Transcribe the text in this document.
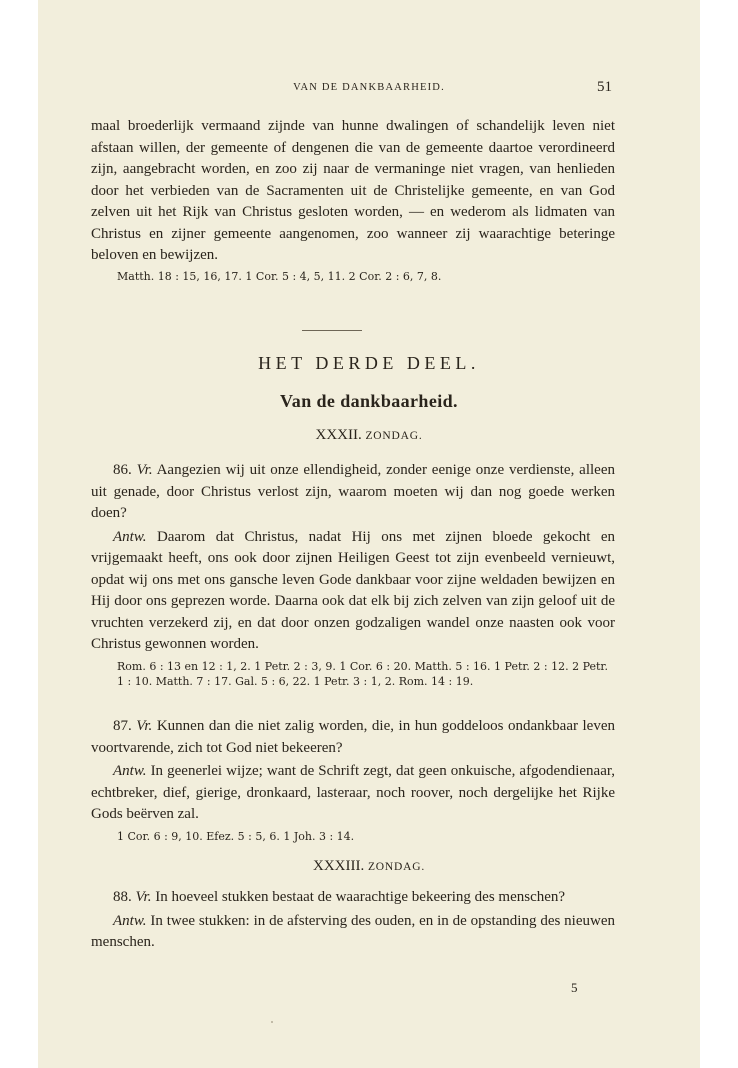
VAN DE DANKBAARHEID.	51
maal broederlijk vermaand zijnde van hunne dwalingen of schandelijk leven niet afstaan willen, der gemeente of dengenen die van de gemeente daartoe verordineerd zijn, aangebracht worden, en zoo zij naar de vermaninge niet vragen, van henlieden door het verbieden van de Sacramenten uit de Christelijke gemeente, en van God zelven uit het Rijk van Christus gesloten worden, — en wederom als lidmaten van Christus en zijner gemeente aangenomen, zoo wanneer zij waarachtige beteringe beloven en bewijzen.
Matth. 18 : 15, 16, 17. 1 Cor. 5 : 4, 5, 11. 2 Cor. 2 : 6, 7, 8.
HET DERDE DEEL.
Van de dankbaarheid.
XXXII. ZONDAG.
86. Vr. Aangezien wij uit onze ellendigheid, zonder eenige onze verdienste, alleen uit genade, door Christus verlost zijn, waarom moeten wij dan nog goede werken doen?
Antw. Daarom dat Christus, nadat Hij ons met zijnen bloede gekocht en vrijgemaakt heeft, ons ook door zijnen Heiligen Geest tot zijn evenbeeld vernieuwt, opdat wij ons met ons gansche leven Gode dankbaar voor zijne weldaden bewijzen en Hij door ons geprezen worde. Daarna ook dat elk bij zich zelven van zijn geloof uit de vruchten verzekerd zij, en dat door onzen godzaligen wandel onze naasten ook voor Christus gewonnen worden.
Rom. 6 : 13 en 12 : 1, 2. 1 Petr. 2 : 3, 9. 1 Cor. 6 : 20. Matth. 5 : 16. 1 Petr. 2 : 12. 2 Petr. 1 : 10. Matth. 7 : 17. Gal. 5 : 6, 22. 1 Petr. 3 : 1, 2. Rom. 14 : 19.
87. Vr. Kunnen dan die niet zalig worden, die, in hun goddeloos ondankbaar leven voortvarende, zich tot God niet bekeeren?
Antw. In geenerlei wijze; want de Schrift zegt, dat geen onkuische, afgodendienaar, echtbreker, dief, gierige, dronkaard, lasteraar, noch roover, noch dergelijke het Rijke Gods beërven zal.
1 Cor. 6 : 9, 10. Efez. 5 : 5, 6. 1 Joh. 3 : 14.
XXXIII. ZONDAG.
88. Vr. In hoeveel stukken bestaat de waarachtige bekeering des menschen?
Antw. In twee stukken: in de afsterving des ouden, en in de opstanding des nieuwen menschen.
5
